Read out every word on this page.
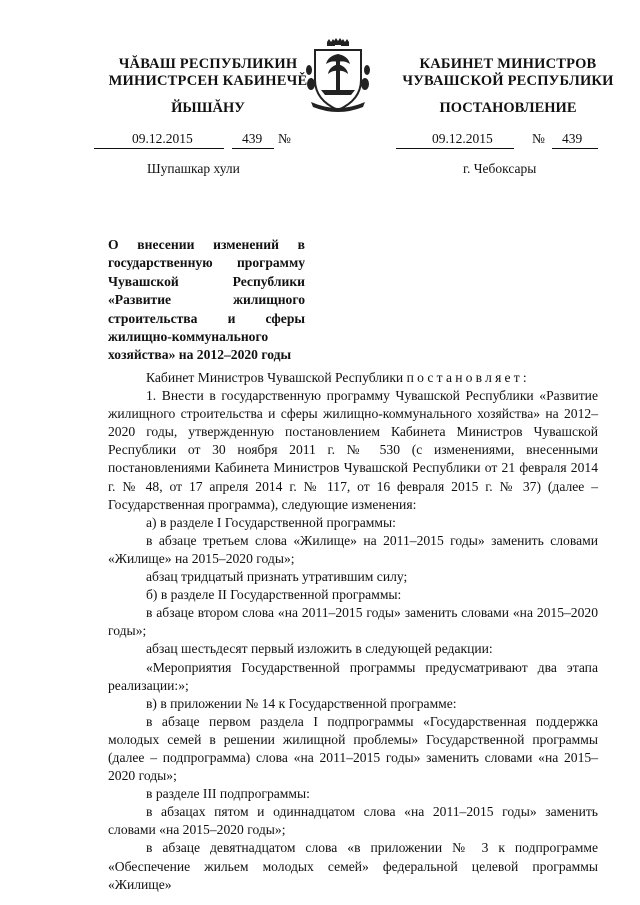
ЧĂВАШ РЕСПУБЛИКИН
МИНИСТРСЕН КАБИНЕЧĚ
ЙЫШĂНУ
КАБИНЕТ МИНИСТРОВ
ЧУВАШСКОЙ РЕСПУБЛИКИ
ПОСТАНОВЛЕНИЕ
09.12.2015	439 №	09.12.2015	№ 439
Шупашкар хули	г. Чебоксары
О внесении изменений в государственную программу Чувашской Республики «Развитие жилищного строительства и сферы жилищно-коммунального хозяйства» на 2012–2020 годы

Кабинет Министров Чувашской Республики постановляет:

1. Внести в государственную программу Чувашской Республики «Развитие жилищного строительства и сферы жилищно-коммунального хозяйства» на 2012–2020 годы, утвержденную постановлением Кабинета Министров Чувашской Республики от 30 ноября 2011 г. № 530 (с изменениями, внесенными постановлениями Кабинета Министров Чувашской Республики от 21 февраля 2014 г. № 48, от 17 апреля 2014 г. № 117, от 16 февраля 2015 г. № 37) (далее – Государственная программа), следующие изменения:

а) в разделе I Государственной программы:

в абзаце третьем слова «Жилище» на 2011–2015 годы» заменить словами «Жилище» на 2015–2020 годы»;

абзац тридцатый признать утратившим силу;

б) в разделе II Государственной программы:

в абзаце втором слова «на 2011–2015 годы» заменить словами «на 2015–2020 годы»;

абзац шестьдесят первый изложить в следующей редакции:

«Мероприятия Государственной программы предусматривают два этапа реализации:»;

в) в приложении № 14 к Государственной программе:

в абзаце первом раздела I подпрограммы «Государственная поддержка молодых семей в решении жилищной проблемы» Государственной программы (далее – подпрограмма) слова «на 2011–2015 годы» заменить словами «на 2015–2020 годы»;

в разделе III подпрограммы:

в абзацах пятом и одиннадцатом слова «на 2011–2015 годы» заменить словами «на 2015–2020 годы»;

в абзаце девятнадцатом слова «в приложении № 3 к подпрограмме «Обеспечение жильем молодых семей» федеральной целевой программы «Жилище»
